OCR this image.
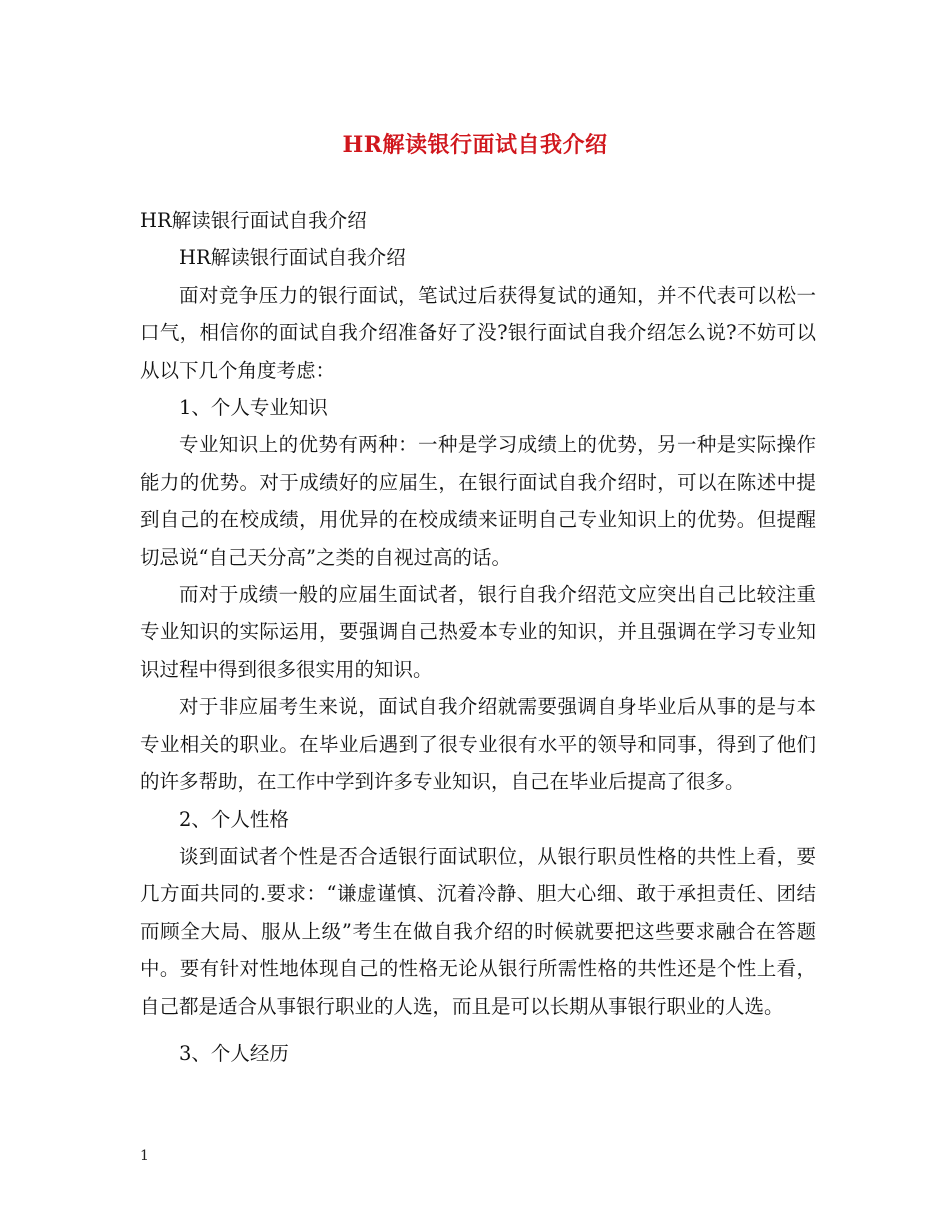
HR解读银行面试自我介绍

HR解读银行面试自我介绍

HR解读银行面试自我介绍

面对竞争压力的银行面试，笔试过后获得复试的通知，并不代表可以松一口气，相信你的面试自我介绍准备好了没?银行面试自我介绍怎么说?不妨可以从以下几个角度考虑：

1、个人专业知识

专业知识上的优势有两种：一种是学习成绩上的优势，另一种是实际操作能力的优势。对于成绩好的应届生，在银行面试自我介绍时，可以在陈述中提到自己的在校成绩，用优异的在校成绩来证明自己专业知识上的优势。但提醒切忌说“自己天分高”之类的自视过高的话。

而对于成绩一般的应届生面试者，银行自我介绍范文应突出自己比较注重专业知识的实际运用，要强调自己热爱本专业的知识，并且强调在学习专业知识过程中得到很多很实用的知识。

对于非应届考生来说，面试自我介绍就需要强调自身毕业后从事的是与本专业相关的职业。在毕业后遇到了很专业很有水平的领导和同事，得到了他们的许多帮助，在工作中学到许多专业知识，自己在毕业后提高了很多。

2、个人性格

谈到面试者个性是否合适银行面试职位，从银行职员性格的共性上看，要几方面共同的.要求：“谦虚谨慎、沉着冷静、胆大心细、敢于承担责任、团结而顾全大局、服从上级”考生在做自我介绍的时候就要把这些要求融合在答题中。要有针对性地体现自己的性格无论从银行所需性格的共性还是个性上看，自己都是适合从事银行职业的人选，而且是可以长期从事银行职业的人选。

3、个人经历

1
